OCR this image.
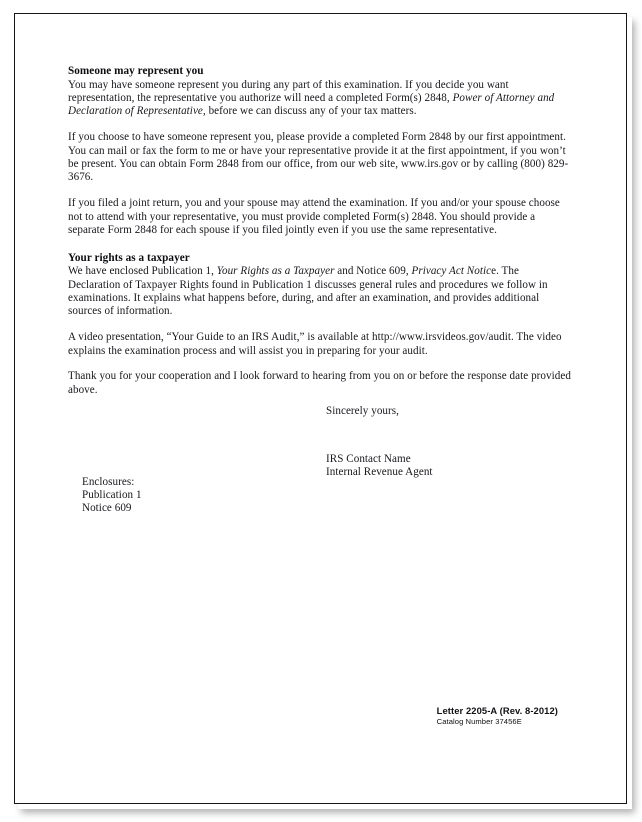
Someone may represent you

You may have someone represent you during any part of this examination. If you decide you want representation, the representative you authorize will need a completed Form(s) 2848, Power of Attorney and Declaration of Representative, before we can discuss any of your tax matters.

If you choose to have someone represent you, please provide a completed Form 2848 by our first appointment. You can mail or fax the form to me or have your representative provide it at the first appointment, if you won’t be present. You can obtain Form 2848 from our office, from our web site, www.irs.gov or by calling (800) 829-3676.

If you filed a joint return, you and your spouse may attend the examination. If you and/or your spouse choose not to attend with your representative, you must provide completed Form(s) 2848. You should provide a separate Form 2848 for each spouse if you filed jointly even if you use the same representative.

Your rights as a taxpayer

We have enclosed Publication 1, Your Rights as a Taxpayer and Notice 609, Privacy Act Notice. The Declaration of Taxpayer Rights found in Publication 1 discusses general rules and procedures we follow in examinations. It explains what happens before, during, and after an examination, and provides additional sources of information.

A video presentation, “Your Guide to an IRS Audit,” is available at http://www.irsvideos.gov/audit. The video explains the examination process and will assist you in preparing for your audit.

Thank you for your cooperation and I look forward to hearing from you on or before the response date provided above.

Sincerely yours,

IRS Contact Name

Internal Revenue Agent

Enclosures:

Publication 1

Notice 609

Letter 2205-A (Rev. 8-2012)

Catalog Number 37456E
